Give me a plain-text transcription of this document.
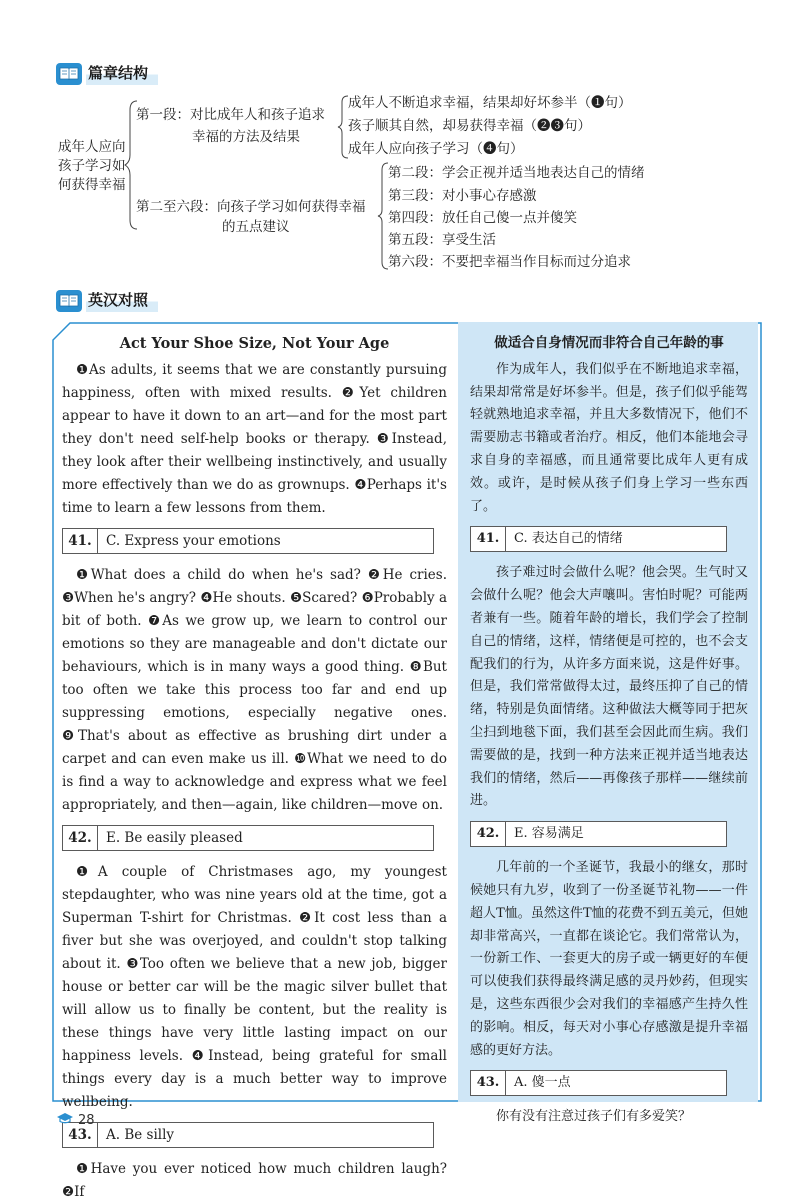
篇章结构
成年人应向
孩子学习如
何获得幸福
第一段：对比成年人和孩子追求
幸福的方法及结果
成年人不断追求幸福，结果却好坏参半（❶句）
孩子顺其自然，却易获得幸福（❷❸句）
成年人应向孩子学习（❹句）
第二至六段：向孩子学习如何获得幸福
的五点建议
第二段：学会正视并适当地表达自己的情绪
第三段：对小事心存感激
第四段：放任自己傻一点并傻笑
第五段：享受生活
第六段：不要把幸福当作目标而过分追求
英汉对照
Act Your Shoe Size, Not Your Age

❶As adults, it seems that we are constantly pursuing happiness, often with mixed results. ❷Yet children appear to have it down to an art—and for the most part they don't need self-help books or therapy. ❸Instead, they look after their wellbeing instinctively, and usually more effectively than we do as grownups. ❹Perhaps it's time to learn a few lessons from them.

41.	C. Express your emotions

❶What does a child do when he's sad? ❷He cries. ❸When he's angry? ❹He shouts. ❺Scared? ❻Probably a bit of both. ❼As we grow up, we learn to control our emotions so they are manageable and don't dictate our behaviours, which is in many ways a good thing. ❽But too often we take this process too far and end up suppressing emotions, especially negative ones. ❾That's about as effective as brushing dirt under a carpet and can even make us ill. ❿What we need to do is find a way to acknowledge and express what we feel appropriately, and then—again, like children—move on.

42.	E. Be easily pleased

❶A couple of Christmases ago, my youngest stepdaughter, who was nine years old at the time, got a Superman T-shirt for Christmas. ❷It cost less than a fiver but she was overjoyed, and couldn't stop talking about it. ❸Too often we believe that a new job, bigger house or better car will be the magic silver bullet that will allow us to finally be content, but the reality is these things have very little lasting impact on our happiness levels. ❹Instead, being grateful for small things every day is a much better way to improve wellbeing.

43.	A. Be silly

❶Have you ever noticed how much children laugh? ❷If

做适合自身情况而非符合自己年龄的事

作为成年人，我们似乎在不断地追求幸福，结果却常常是好坏参半。但是，孩子们似乎能驾轻就熟地追求幸福，并且大多数情况下，他们不需要励志书籍或者治疗。相反，他们本能地会寻求自身的幸福感，而且通常要比成年人更有成效。或许，是时候从孩子们身上学习一些东西了。

41.	C. 表达自己的情绪

孩子难过时会做什么呢？他会哭。生气时又会做什么呢？他会大声嚷叫。害怕时呢？可能两者兼有一些。随着年龄的增长，我们学会了控制自己的情绪，这样，情绪便是可控的，也不会支配我们的行为，从许多方面来说，这是件好事。但是，我们常常做得太过，最终压抑了自己的情绪，特别是负面情绪。这种做法大概等同于把灰尘扫到地毯下面，我们甚至会因此而生病。我们需要做的是，找到一种方法来正视并适当地表达我们的情绪，然后——再像孩子那样——继续前进。

42.	E. 容易满足

几年前的一个圣诞节，我最小的继女，那时候她只有九岁，收到了一份圣诞节礼物——一件超人T恤。虽然这件T恤的花费不到五美元，但她却非常高兴，一直都在谈论它。我们常常认为，一份新工作、一套更大的房子或一辆更好的车便可以使我们获得最终满足感的灵丹妙药，但现实是，这些东西很少会对我们的幸福感产生持久性的影响。相反，每天对小事心存感激是提升幸福感的更好方法。

43.	A. 傻一点

你有没有注意过孩子们有多爱笑？

28
